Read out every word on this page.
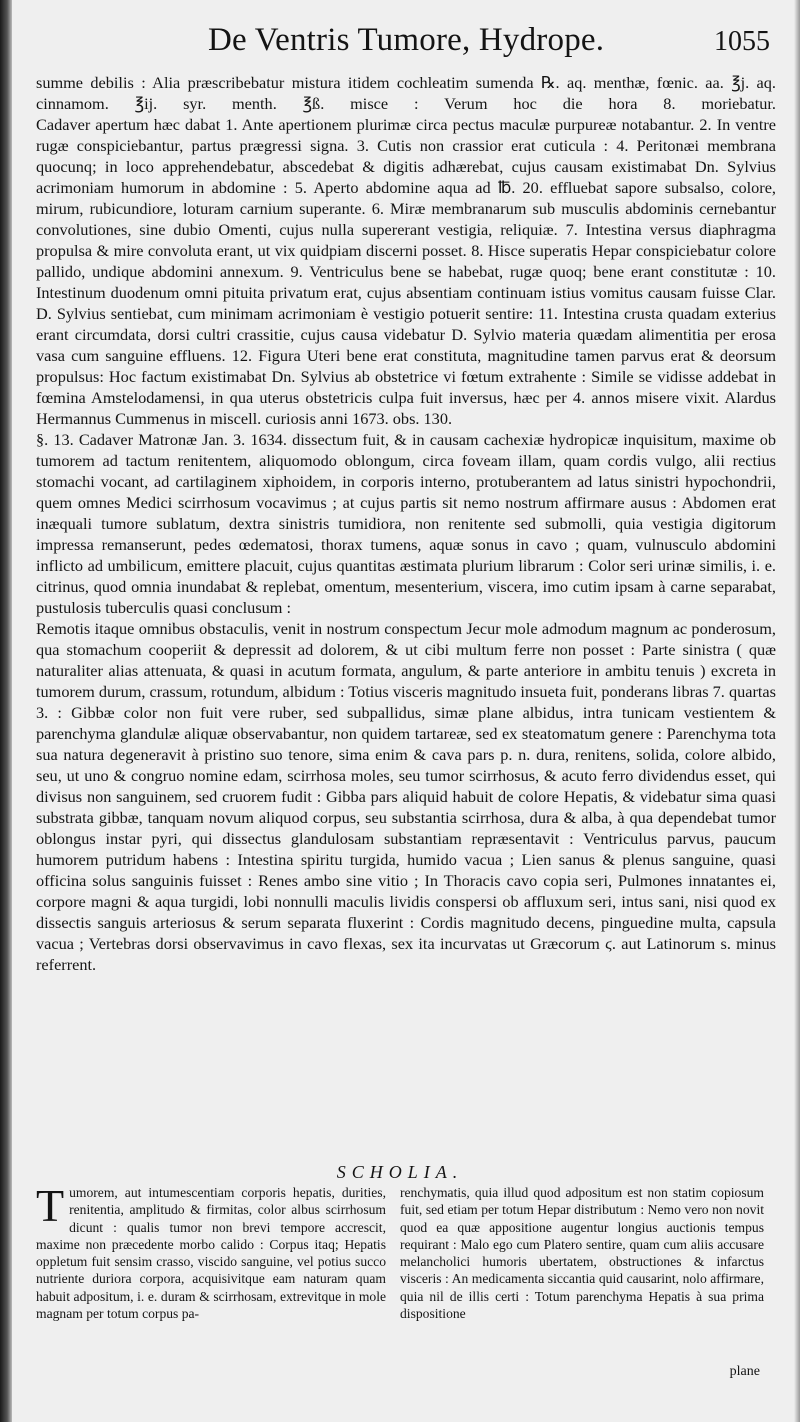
De Ventris Tumore, Hydrope.	1055

summe debilis : Alia præscribebatur mistura itidem cochleatim sumenda ℞. aq. menthæ, fœnic. aa. ℥j. aq. cinnamom. ℥ij. syr. menth. ℥ß. misce : Verum hoc die hora 8. moriebatur.

Cadaver apertum hæc dabat 1. Ante apertionem plurimæ circa pectus maculæ purpureæ notabantur. 2. In ventre rugæ conspiciebantur, partus prægressi signa. 3. Cutis non crassior erat cuticula : 4. Peritonæi membrana quocunq; in loco apprehendebatur, abscedebat & digitis adhærebat, cujus causam existimabat Dn. Sylvius acrimoniam humorum in abdomine : 5. Aperto abdomine aqua ad ℔. 20. effluebat sapore subsalso, colore, mirum, rubicundiore, loturam carnium superante. 6. Miræ membranarum sub musculis abdominis cernebantur convolutiones, sine dubio Omenti, cujus nulla supererant vestigia, reliquiæ. 7. Intestina versus diaphragma propulsa & mire convoluta erant, ut vix quidpiam discerni posset. 8. Hisce superatis Hepar conspiciebatur colore pallido, undique abdomini annexum. 9. Ventriculus bene se habebat, rugæ quoq; bene erant constitutæ : 10. Intestinum duodenum omni pituita privatum erat, cujus absentiam continuam istius vomitus causam fuisse Clar. D. Sylvius sentiebat, cum minimam acrimoniam è vestigio potuerit sentire: 11. Intestina crusta quadam exterius erant circumdata, dorsi cultri crassitie, cujus causa videbatur D. Sylvio materia quædam alimentitia per erosa vasa cum sanguine effluens. 12. Figura Uteri bene erat constituta, magnitudine tamen parvus erat & deorsum propulsus: Hoc factum existimabat Dn. Sylvius ab obstetrice vi fœtum extrahente : Simile se vidisse addebat in fœmina Amstelodamensi, in qua uterus obstetricis culpa fuit inversus, hæc per 4. annos misere vixit. Alardus Hermannus Cummenus in miscell. curiosis anni 1673. obs. 130.

§. 13. Cadaver Matronæ Jan. 3. 1634. dissectum fuit, & in causam cachexiæ hydropicæ inquisitum, maxime ob tumorem ad tactum renitentem, aliquomodo oblongum, circa foveam illam, quam cordis vulgo, alii rectius stomachi vocant, ad cartilaginem xiphoidem, in corporis interno, protuberantem ad latus sinistri hypochondrii, quem omnes Medici scirrhosum vocavimus ; at cujus partis sit nemo nostrum affirmare ausus : Abdomen erat inæquali tumore sublatum, dextra sinistris tumidiora, non renitente sed submolli, quia vestigia digitorum impressa remanserunt, pedes œdematosi, thorax tumens, aquæ sonus in cavo ; quam, vulnusculo abdomini inflicto ad umbilicum, emittere placuit, cujus quantitas æstimata plurium librarum : Color seri urinæ similis, i. e. citrinus, quod omnia inundabat & replebat, omentum, mesenterium, viscera, imo cutim ipsam à carne separabat, pustulosis tuberculis quasi conclusum :

Remotis itaque omnibus obstaculis, venit in nostrum conspectum Jecur mole admodum magnum ac ponderosum, qua stomachum cooperiit & depressit ad dolorem, & ut cibi multum ferre non posset : Parte sinistra ( quæ naturaliter alias attenuata, & quasi in acutum formata, angulum, & parte anteriore in ambitu tenuis ) excreta in tumorem durum, crassum, rotundum, albidum : Totius visceris magnitudo insueta fuit, ponderans libras 7. quartas 3. : Gibbæ color non fuit vere ruber, sed subpallidus, simæ plane albidus, intra tunicam vestientem & parenchyma glandulæ aliquæ observabantur, non quidem tartareæ, sed ex steatomatum genere : Parenchyma tota sua natura degeneravit à pristino suo tenore, sima enim & cava pars p. n. dura, renitens, solida, colore albido, seu, ut uno & congruo nomine edam, scirrhosa moles, seu tumor scirrhosus, & acuto ferro dividendus esset, qui divisus non sanguinem, sed cruorem fudit : Gibba pars aliquid habuit de colore Hepatis, & videbatur sima quasi substrata gibbæ, tanquam novum aliquod corpus, seu substantia scirrhosa, dura & alba, à qua dependebat tumor oblongus instar pyri, qui dissectus glandulosam substantiam repræsentavit : Ventriculus parvus, paucum humorem putridum habens : Intestina spiritu turgida, humido vacua ; Lien sanus & plenus sanguine, quasi officina solus sanguinis fuisset : Renes ambo sine vitio ; In Thoracis cavo copia seri, Pulmones innatantes ei, corpore magni & aqua turgidi, lobi nonnulli maculis lividis conspersi ob affluxum seri, intus sani, nisi quod ex dissectis sanguis arteriosus & serum separata fluxerint : Cordis magnitudo decens, pinguedine multa, capsula vacua ; Vertebras dorsi observavimus in cavo flexas, sex ita incurvatas ut Græcorum ϛ. aut Latinorum s. minus referrent.

SCHOLIA.

T umorem, aut intumescentiam corporis hepatis, durities, renitentia, amplitudo & firmitas, color albus scirrhosum dicunt : qualis tumor non brevi tempore accrescit, maxime non præcedente morbo calido : Corpus itaq; Hepatis oppletum fuit sensim crasso, viscido sanguine, vel potius succo nutriente duriora corpora, acquisivitque eam naturam quam habuit adpositum, i. e. duram & scirrhosam, extrevitque in mole magnam per totum corpus pa-

renchymatis, quia illud quod adpositum est non statim copiosum fuit, sed etiam per totum Hepar distributum : Nemo vero non novit quod ea quæ appositione augentur longius auctionis tempus requirant : Malo ego cum Platero sentire, quam cum aliis accusare melancholici humoris ubertatem, obstructiones & infarctus visceris : An medicamenta siccantia quid causarint, nolo affirmare, quia nil de illis certi : Totum parenchyma Hepatis à sua prima dispositione

plane
